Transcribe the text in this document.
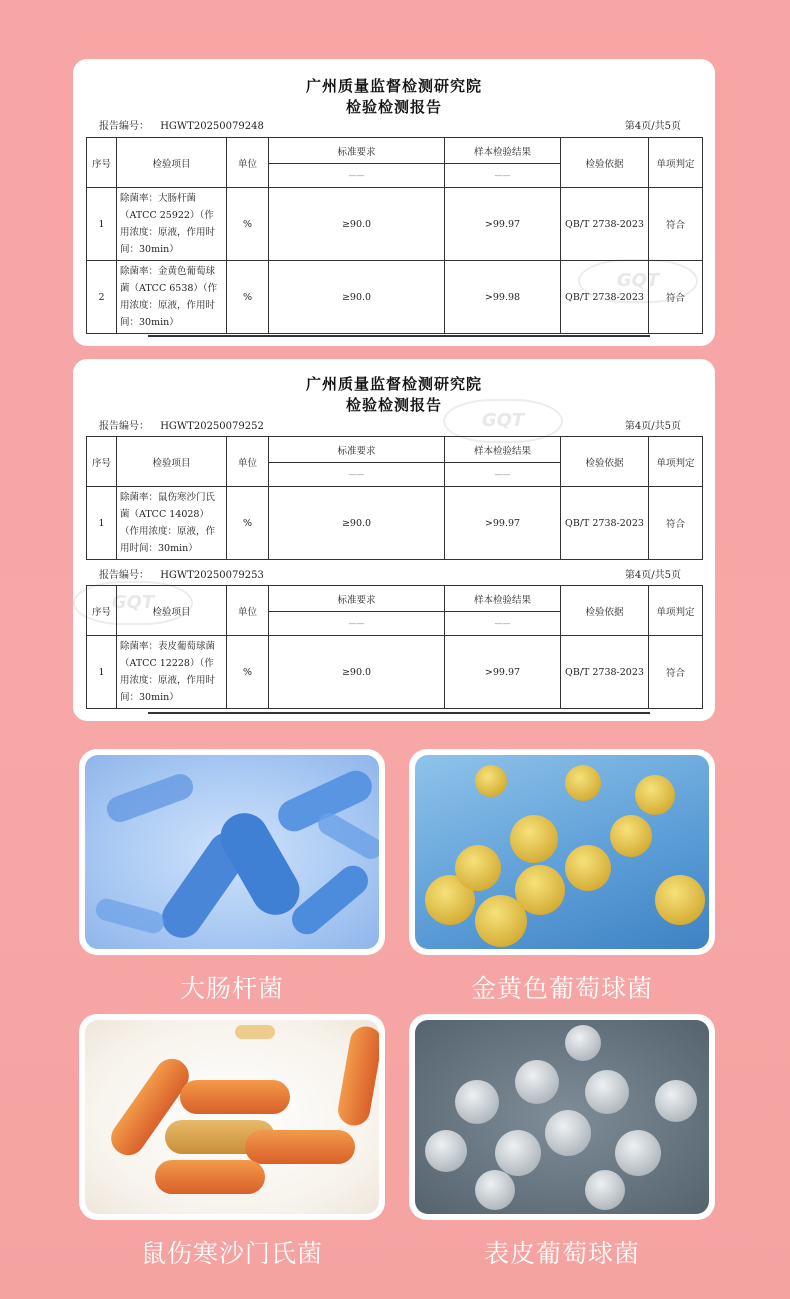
GQT
广州质量监督检测研究院
检验检测报告
报告编号： HGWT20250079248	第4页/共5页
序号	检验项目	单位	标准要求	样本检验结果	检验依据	单项判定
			——	——		
1	除菌率：大肠杆菌（ATCC 25922）（作用浓度：原液，作用时间：30min）	%	≥90.0	>99.97	QB/T 2738-2023	符合
2	除菌率：金黄色葡萄球菌（ATCC 6538）（作用浓度：原液，作用时间：30min）	%	≥90.0	>99.98	QB/T 2738-2023	符合
GQT
GQT
广州质量监督检测研究院
检验检测报告
报告编号： HGWT20250079252	第4页/共5页
序号	检验项目	单位	标准要求	样本检验结果	检验依据	单项判定
			——	——		
1	除菌率：鼠伤寒沙门氏菌（ATCC 14028）（作用浓度：原液，作用时间：30min）	%	≥90.0	>99.97	QB/T 2738-2023	符合
报告编号： HGWT20250079253	第4页/共5页
序号	检验项目	单位	标准要求	样本检验结果	检验依据	单项判定
			——	——		
1	除菌率：表皮葡萄球菌（ATCC 12228）（作用浓度：原液，作用时间：30min）	%	≥90.0	>99.97	QB/T 2738-2023	符合
大肠杆菌	金黄色葡萄球菌
鼠伤寒沙门氏菌	表皮葡萄球菌
